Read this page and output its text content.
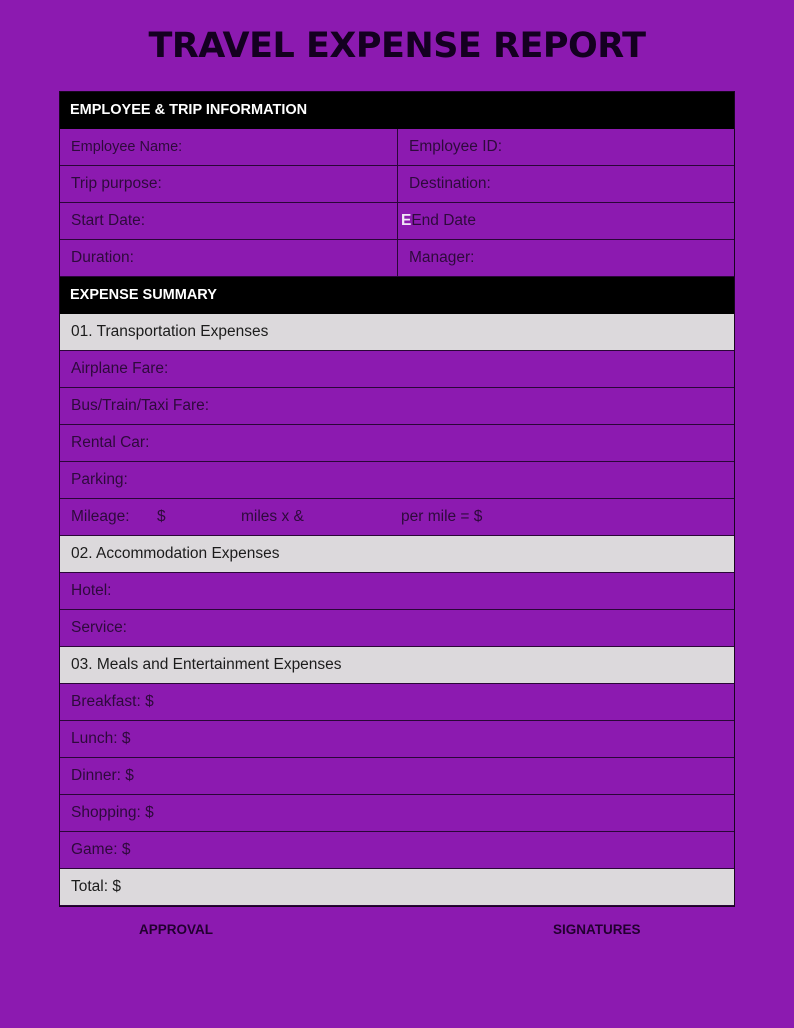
TRAVEL EXPENSE REPORT
EMPLOYEE & TRIP INFORMATION
Employee Name:	Employee ID:
Trip purpose:	Destination:
Start Date:	E End Date
Duration:	Manager:
EXPENSE SUMMARY
01. Transportation Expenses
Airplane Fare:
Bus/Train/Taxi Fare:
Rental Car:
Parking:
Mileage:	$	miles x &	per mile = $
02. Accommodation Expenses
Hotel:
Service:
03. Meals and Entertainment Expenses
Breakfast: $
Lunch: $
Dinner: $
Shopping: $
Game: $
Total: $
APPROVAL	SIGNATURES
